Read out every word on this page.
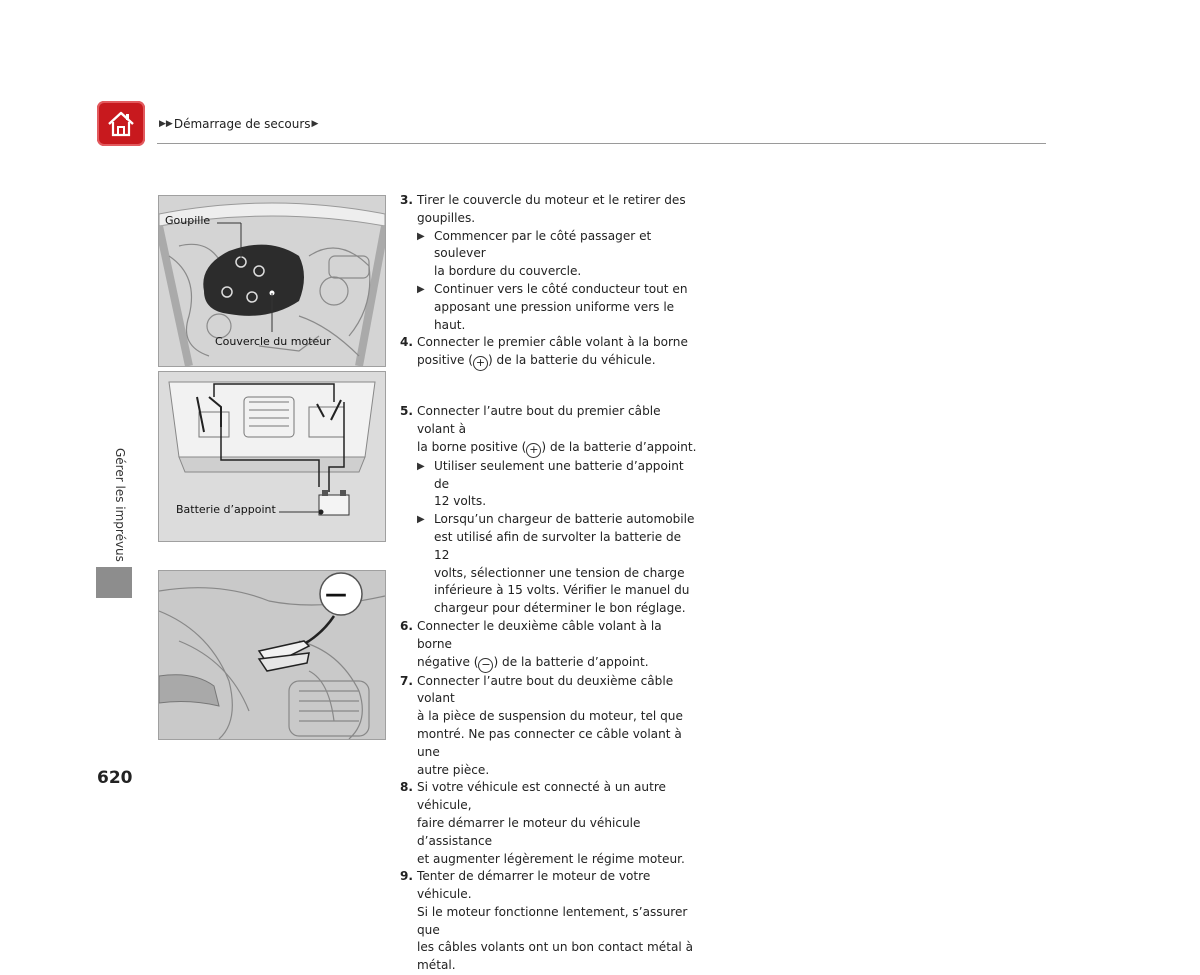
▶▶ Démarrage de secours ▶
Gérer les imprévus
620
Goupille
Couvercle du moteur
Batterie d’appoint
—
3. Tirer le couvercle du moteur et le retirer des
goupilles.
▶ Commencer par le côté passager et soulever
la bordure du couvercle.
▶ Continuer vers le côté conducteur tout en
apposant une pression uniforme vers le haut.
4. Connecter le premier câble volant à la borne
positive ( + ) de la batterie du véhicule.
5. Connecter l’autre bout du premier câble volant à
la borne positive ( + ) de la batterie d’appoint.
▶ Utiliser seulement une batterie d’appoint de
12 volts.
▶ Lorsqu’un chargeur de batterie automobile
est utilisé afin de survolter la batterie de 12
volts, sélectionner une tension de charge
inférieure à 15 volts. Vérifier le manuel du
chargeur pour déterminer le bon réglage.
6. Connecter le deuxième câble volant à la borne
négative ( − ) de la batterie d’appoint.
7. Connecter l’autre bout du deuxième câble volant
à la pièce de suspension du moteur, tel que
montré. Ne pas connecter ce câble volant à une
autre pièce.
8. Si votre véhicule est connecté à un autre véhicule,
faire démarrer le moteur du véhicule d’assistance
et augmenter légèrement le régime moteur.
9. Tenter de démarrer le moteur de votre véhicule.
Si le moteur fonctionne lentement, s’assurer que
les câbles volants ont un bon contact métal à
métal.
